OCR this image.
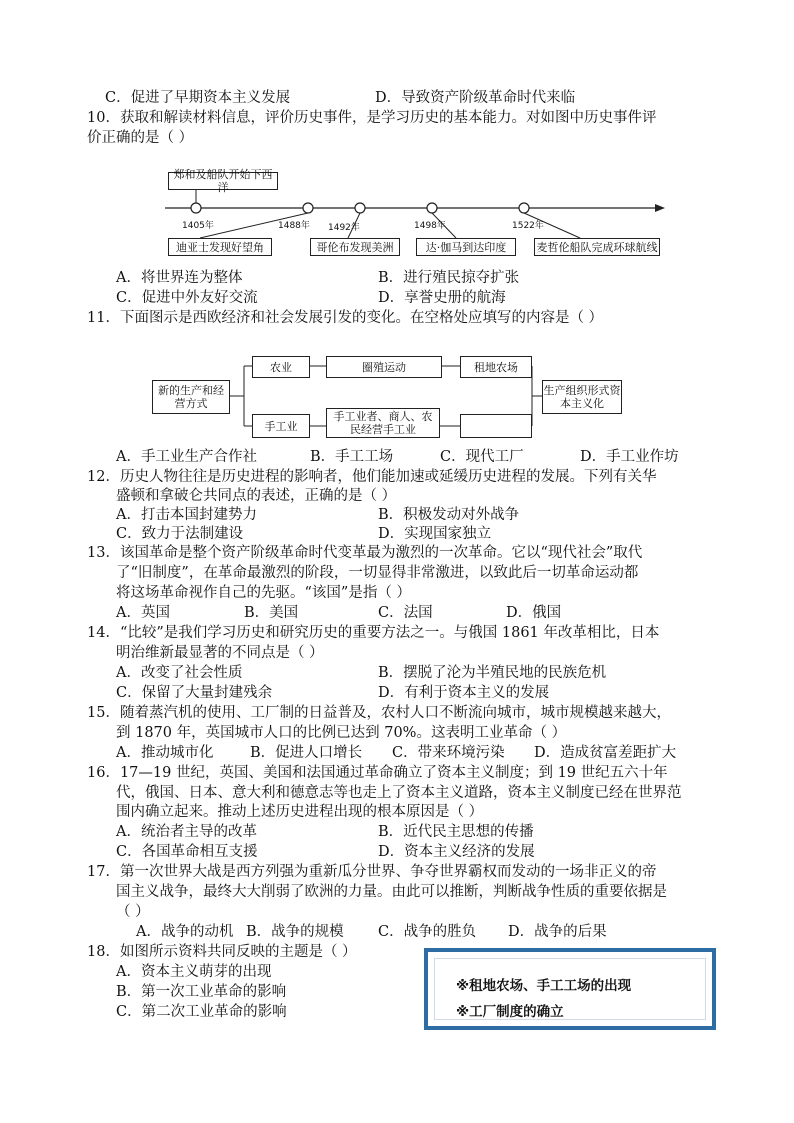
C．促进了早期资本主义发展	D．导致资产阶级革命时代来临
10．获取和解读材料信息，评价历史事件，是学习历史的基本能力。对如图中历史事件评
价正确的是（ ）
郑和及船队开始下西洋
1405年	1488年 1492年	1498年	1522年
迪亚士发现好望角	哥伦布发现美洲	达·伽马到达印度	麦哲伦船队完成环球航线
A．将世界连为整体	B．进行殖民掠夺扩张
C．促进中外友好交流	D．享誉史册的航海
11．下面图示是西欧经济和社会发展引发的变化。在空格处应填写的内容是（ ）
新的生产和经营方式
农业	圈殖运动	租地农场
手工业
手工业者、商人、农民经营手工业
生产组织形式资本主义化
A．手工业生产合作社	B．手工工场	C．现代工厂	D．手工业作坊
12．历史人物往往是历史进程的影响者，他们能加速或延缓历史进程的发展。下列有关华
盛顿和拿破仑共同点的表述，正确的是（ ）
A．打击本国封建势力	B．积极发动对外战争
C．致力于法制建设	D．实现国家独立
13．该国革命是整个资产阶级革命时代变革最为激烈的一次革命。它以“现代社会”取代
了“旧制度”，在革命最激烈的阶段，一切显得非常激进，以致此后一切革命运动都
将这场革命视作自己的先驱。“该国”是指（ ）
A．英国	B．美国	C．法国	D．俄国
14．“比较”是我们学习历史和研究历史的重要方法之一。与俄国 1861 年改革相比，日本
明治维新最显著的不同点是（ ）
A．改变了社会性质	B．摆脱了沦为半殖民地的民族危机
C．保留了大量封建残余	D．有利于资本主义的发展
15．随着蒸汽机的使用、工厂制的日益普及，农村人口不断流向城市，城市规模越来越大，
到 1870 年，英国城市人口的比例已达到 70%。这表明工业革命（ ）
A．推动城市化	B．促进人口增长 C．带来环境污染 D．造成贫富差距扩大
16．17—19 世纪，英国、美国和法国通过革命确立了资本主义制度；到 19 世纪五六十年
代，俄国、日本、意大利和德意志等也走上了资本主义道路，资本主义制度已经在世界范
围内确立起来。推动上述历史进程出现的根本原因是（ ）
A．统治者主导的改革	B．近代民主思想的传播
C．各国革命相互支援	D．资本主义经济的发展
17．第一次世界大战是西方列强为重新瓜分世界、争夺世界霸权而发动的一场非正义的帝
国主义战争，最终大大削弱了欧洲的力量。由此可以推断，判断战争性质的重要依据是
（ ）
A．战争的动机 B．战争的规模 C．战争的胜负 D．战争的后果
18．如图所示资料共同反映的主题是（ ）
A．资本主义萌芽的出现
B．第一次工业革命的影响
C．第二次工业革命的影响
※租地农场、手工工场的出现
※工厂制度的确立
